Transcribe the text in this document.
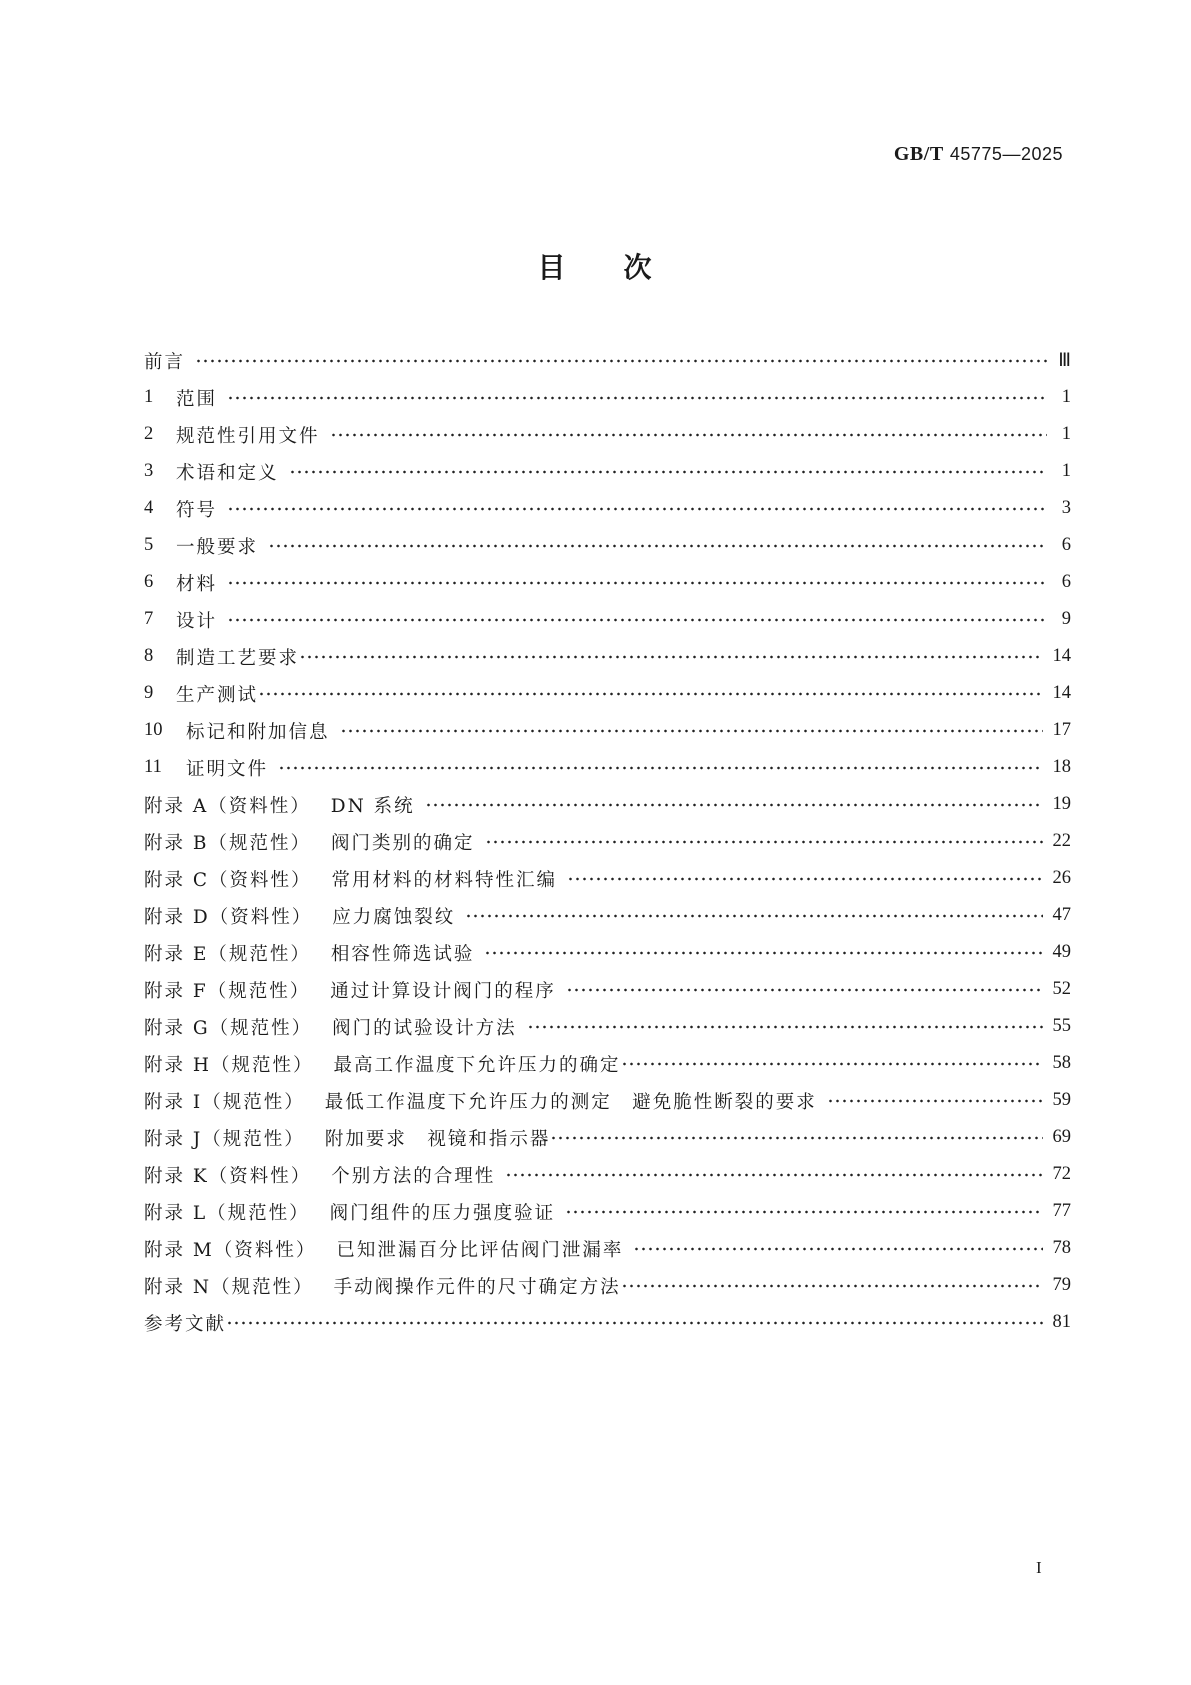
GB/T 45775—2025
目 次
前言	Ⅲ
1	范围	1
2	规范性引用文件	1
3	术语和定义	1
4	符号	3
5	一般要求	6
6	材料	6
7	设计	9
8	制造工艺要求	14
9	生产测试	14
10	标记和附加信息	17
11	证明文件	18
附录 A（资料性） DN 系统	19
附录 B（规范性） 阀门类别的确定	22
附录 C（资料性） 常用材料的材料特性汇编	26
附录 D（资料性） 应力腐蚀裂纹	47
附录 E（规范性） 相容性筛选试验	49
附录 F（规范性） 通过计算设计阀门的程序	52
附录 G（规范性） 阀门的试验设计方法	55
附录 H（规范性） 最高工作温度下允许压力的确定	58
附录 I（规范性） 最低工作温度下允许压力的测定　避免脆性断裂的要求	59
附录 J（规范性） 附加要求　视镜和指示器	69
附录 K（资料性） 个别方法的合理性	72
附录 L（规范性） 阀门组件的压力强度验证	77
附录 M（资料性） 已知泄漏百分比评估阀门泄漏率	78
附录 N（规范性） 手动阀操作元件的尺寸确定方法	79
参考文献	81
I
